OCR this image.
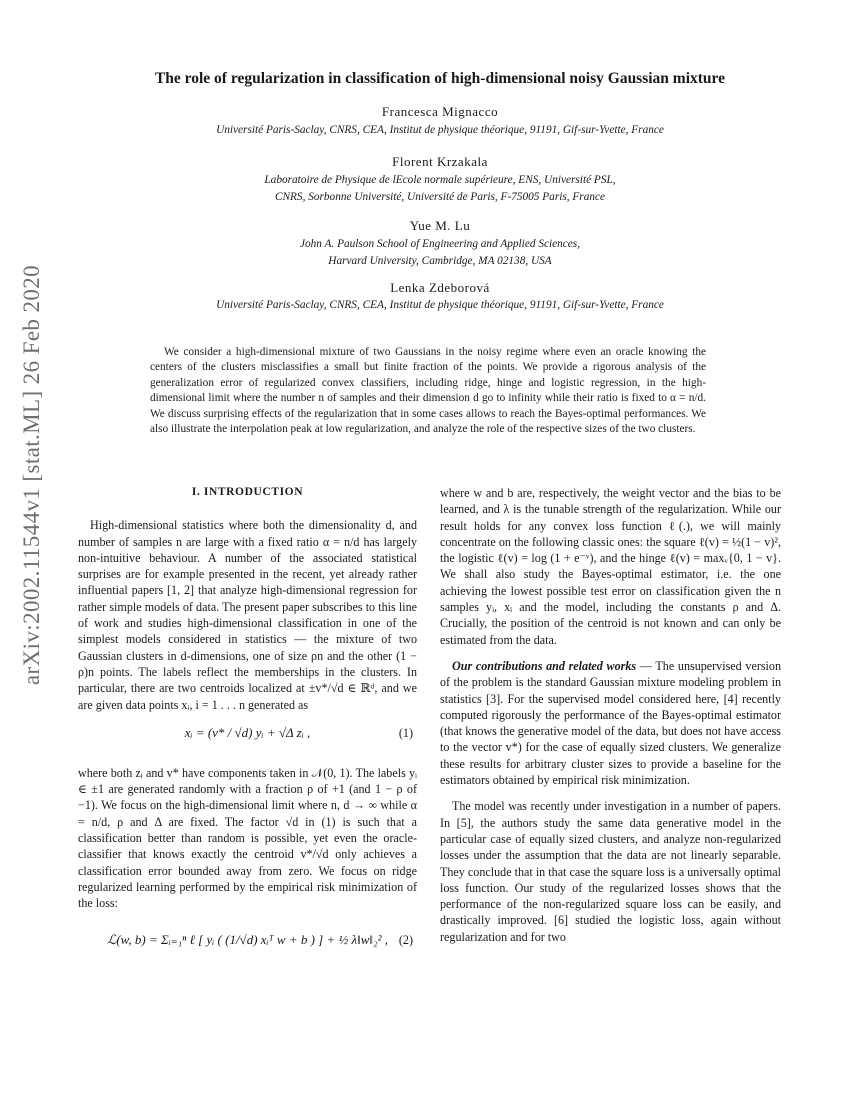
arXiv:2002.11544v1 [stat.ML] 26 Feb 2020
The role of regularization in classification of high-dimensional noisy Gaussian mixture
Francesca Mignacco
Université Paris-Saclay, CNRS, CEA, Institut de physique théorique, 91191, Gif-sur-Yvette, France
Florent Krzakala
Laboratoire de Physique de lEcole normale supérieure, ENS, Université PSL,
CNRS, Sorbonne Université, Université de Paris, F-75005 Paris, France
Yue M. Lu
John A. Paulson School of Engineering and Applied Sciences,
Harvard University, Cambridge, MA 02138, USA
Lenka Zdeborová
Université Paris-Saclay, CNRS, CEA, Institut de physique théorique, 91191, Gif-sur-Yvette, France

We consider a high-dimensional mixture of two Gaussians in the noisy regime where even an oracle knowing the centers of the clusters misclassifies a small but finite fraction of the points. We provide a rigorous analysis of the generalization error of regularized convex classifiers, including ridge, hinge and logistic regression, in the high-dimensional limit where the number n of samples and their dimension d go to infinity while their ratio is fixed to α = n/d. We discuss surprising effects of the regularization that in some cases allows to reach the Bayes-optimal performances. We also illustrate the interpolation peak at low regularization, and analyze the role of the respective sizes of the two clusters.

I. INTRODUCTION

High-dimensional statistics where both the dimensionality d, and number of samples n are large with a fixed ratio α = n/d has largely non-intuitive behaviour. A number of the associated statistical surprises are for example presented in the recent, yet already rather influential papers [1, 2] that analyze high-dimensional regression for rather simple models of data. The present paper subscribes to this line of work and studies high-dimensional classification in one of the simplest models considered in statistics — the mixture of two Gaussian clusters in d-dimensions, one of size ρn and the other (1 − ρ)n points. The labels reflect the memberships in the clusters. In particular, there are two centroids localized at ±v*/√d ∈ ℝᵈ, and we are given data points xᵢ, i = 1 . . . n generated as

xᵢ = (v* / √d) yᵢ + √Δ zᵢ ,	(1)

where both zᵢ and v* have components taken in 𝒩(0, 1). The labels yᵢ ∈ ±1 are generated randomly with a fraction ρ of +1 (and 1 − ρ of −1). We focus on the high-dimensional limit where n, d → ∞ while α = n/d, ρ and Δ are fixed. The factor √d in (1) is such that a classification better than random is possible, yet even the oracle-classifier that knows exactly the centroid v*/√d only achieves a classification error bounded away from zero. We focus on ridge regularized learning performed by the empirical risk minimization of the loss:

ℒ(w, b) = Σᵢ₌₁ⁿ ℓ [ yᵢ ( (1/√d) xᵢᵀ w + b ) ] + ½ λ‖w‖₂² , (2)

where w and b are, respectively, the weight vector and the bias to be learned, and λ is the tunable strength of the regularization. While our result holds for any convex loss function ℓ(.), we will mainly concentrate on the following classic ones: the square ℓ(v) = ½(1 − v)², the logistic ℓ(v) = log (1 + e⁻ᵛ), and the hinge ℓ(v) = maxᵥ{0, 1 − v}. We shall also study the Bayes-optimal estimator, i.e. the one achieving the lowest possible test error on classification given the n samples yᵢ, xᵢ and the model, including the constants ρ and Δ. Crucially, the position of the centroid is not known and can only be estimated from the data.

Our contributions and related works — The unsupervised version of the problem is the standard Gaussian mixture modeling problem in statistics [3]. For the supervised model considered here, [4] recently computed rigorously the performance of the Bayes-optimal estimator (that knows the generative model of the data, but does not have access to the vector v*) for the case of equally sized clusters. We generalize these results for arbitrary cluster sizes to provide a baseline for the estimators obtained by empirical risk minimization.

The model was recently under investigation in a number of papers. In [5], the authors study the same data generative model in the particular case of equally sized clusters, and analyze non-regularized losses under the assumption that the data are not linearly separable. They conclude that in that case the square loss is a universally optimal loss function. Our study of the regularized losses shows that the performance of the non-regularized square loss can be easily, and drastically improved. [6] studied the logistic loss, again without regularization and for two
